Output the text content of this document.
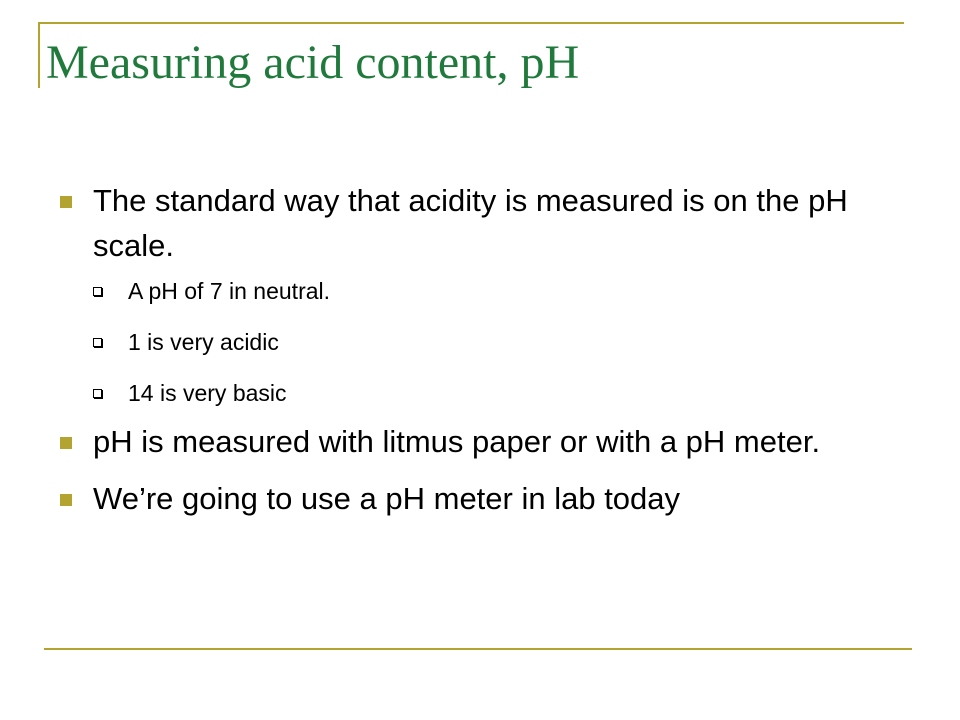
Measuring acid content, pH
The standard way that acidity is measured is on the pH scale.
A pH of 7 in neutral.
1 is very acidic
14 is very basic
pH is measured with litmus paper or with a pH meter.
We’re going to use a pH meter in lab today
